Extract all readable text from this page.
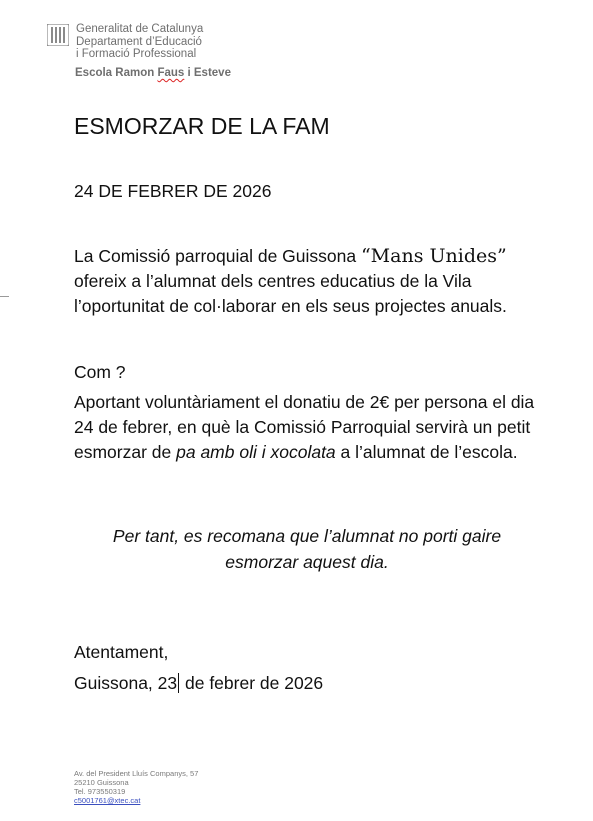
Generalitat de Catalunya
Departament d’Educació
i Formació Professional
Escola Ramon Faus i Esteve
ESMORZAR DE LA FAM
24 DE FEBRER DE 2026
La Comissió parroquial de Guissona “Mans Unides” ofereix a l’alumnat dels centres educatius de la Vila l’oportunitat de col·laborar en els seus projectes anuals.
Com ?
Aportant voluntàriament el donatiu de 2€ per persona el dia 24 de febrer, en què la Comissió Parroquial servirà un petit esmorzar de pa amb oli i xocolata a l’alumnat de l’escola.
Per tant, es recomana que l’alumnat no porti gaire
esmorzar aquest dia.
Atentament,
Guissona, 23 de febrer de 2026
Av. del President Lluís Companys, 57
25210 Guissona
Tel. 973550319
c5001761@xtec.cat
